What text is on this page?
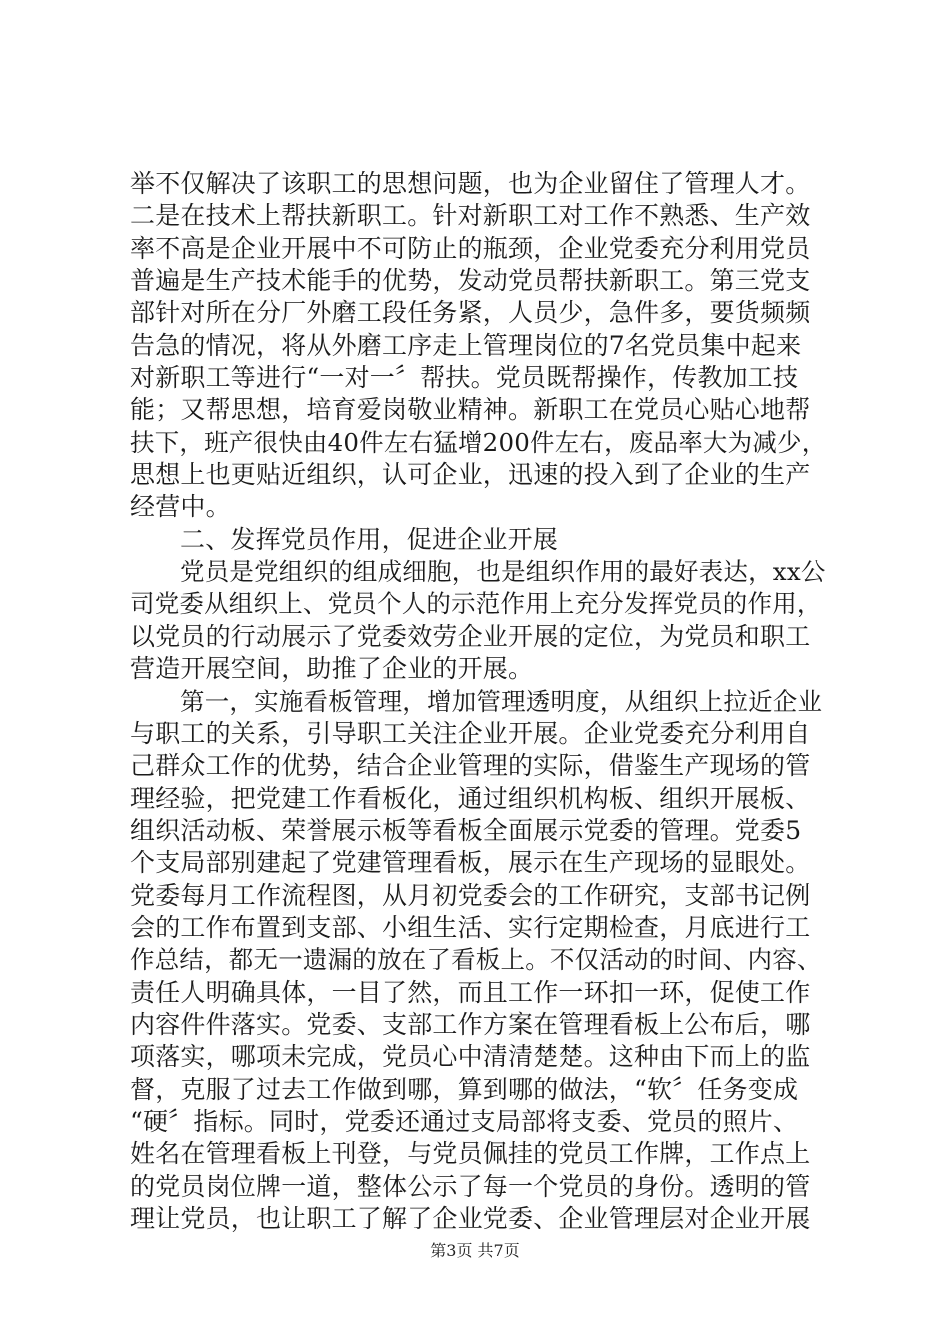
举不仅解决了该职工的思想问题，也为企业留住了管理人才。
二是在技术上帮扶新职工。针对新职工对工作不熟悉、生产效
率不高是企业开展中不可防止的瓶颈，企业党委充分利用党员
普遍是生产技术能手的优势，发动党员帮扶新职工。第三党支
部针对所在分厂外磨工段任务紧，人员少，急件多，要货频频
告急的情况，将从外磨工序走上管理岗位的7名党员集中起来
对新职工等进行“一对一〞帮扶。党员既帮操作，传教加工技
能；又帮思想，培育爱岗敬业精神。新职工在党员心贴心地帮
扶下，班产很快由40件左右猛增200件左右，废品率大为减少，
思想上也更贴近组织，认可企业，迅速的投入到了企业的生产
经营中。
二、发挥党员作用，促进企业开展
党员是党组织的组成细胞，也是组织作用的最好表达，xx公
司党委从组织上、党员个人的示范作用上充分发挥党员的作用，
以党员的行动展示了党委效劳企业开展的定位，为党员和职工
营造开展空间，助推了企业的开展。
第一，实施看板管理，增加管理透明度，从组织上拉近企业
与职工的关系，引导职工关注企业开展。企业党委充分利用自
己群众工作的优势，结合企业管理的实际，借鉴生产现场的管
理经验，把党建工作看板化，通过组织机构板、组织开展板、
组织活动板、荣誉展示板等看板全面展示党委的管理。党委5
个支局部别建起了党建管理看板，展示在生产现场的显眼处。
党委每月工作流程图，从月初党委会的工作研究，支部书记例
会的工作布置到支部、小组生活、实行定期检查，月底进行工
作总结，都无一遗漏的放在了看板上。不仅活动的时间、内容、
责任人明确具体，一目了然，而且工作一环扣一环，促使工作
内容件件落实。党委、支部工作方案在管理看板上公布后，哪
项落实，哪项未完成，党员心中清清楚楚。这种由下而上的监
督，克服了过去工作做到哪，算到哪的做法，“软〞任务变成
“硬〞指标。同时，党委还通过支局部将支委、党员的照片、
姓名在管理看板上刊登，与党员佩挂的党员工作牌，工作点上
的党员岗位牌一道，整体公示了每一个党员的身份。透明的管
理让党员，也让职工了解了企业党委、企业管理层对企业开展
第3页 共7页
